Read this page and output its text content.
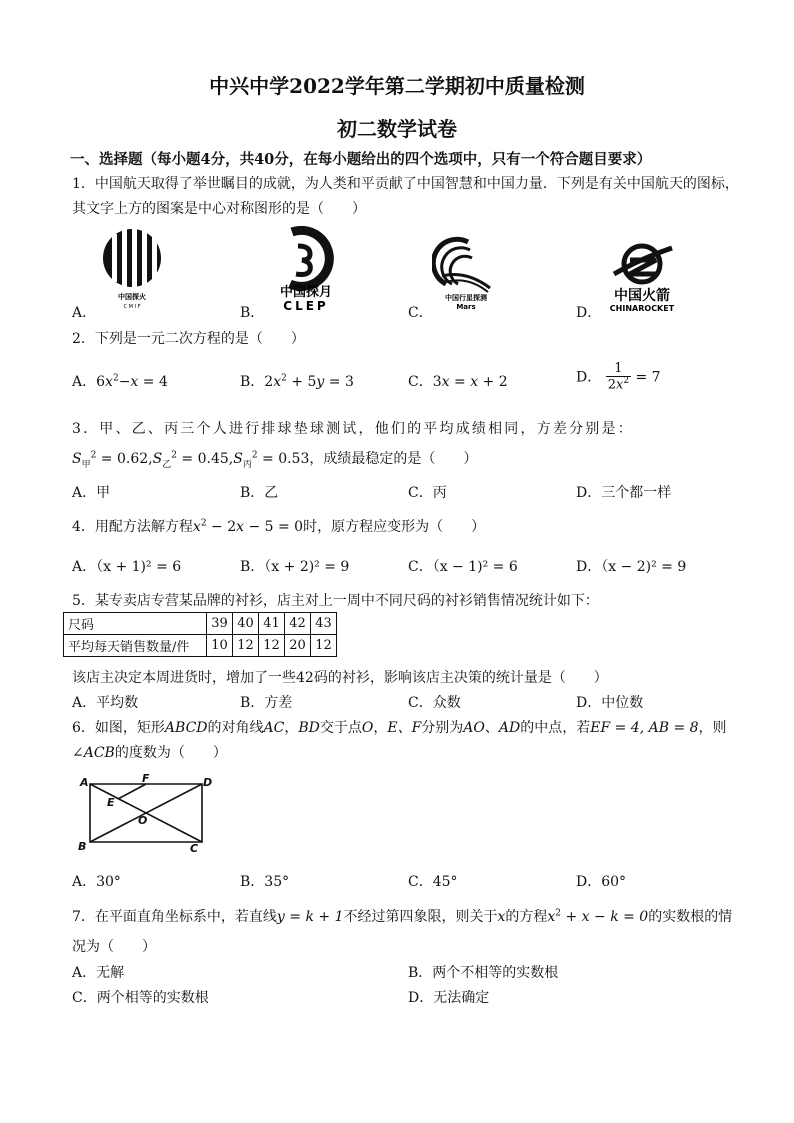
中兴中学2022学年第二学期初中质量检测
初二数学试卷
一、选择题（每小题4分，共40分，在每小题给出的四个选项中，只有一个符合题目要求）
1．中国航天取得了举世瞩目的成就，为人类和平贡献了中国智慧和中国力量．下列是有关中国航天的图标，
其文字上方的图案是中心对称图形的是（　　）
中国探火
C M I F
中国探月
CLEP
中国行星探测
Mars
中国火箭
CHINAROCKET
A．	B．	C．	D．
2．下列是一元二次方程的是（　　）
A．$6x^2-x = 4$	B．$2x^2 + 5y = 3$	C．3x = x + 2	D． $\frac{1}{2x^2} = 7$
3．甲、乙、丙三个人进行排球垫球测试，他们的平均成绩相同，方差分别是：
$S_甲^2 = 0.62,S_乙^2 = 0.45,S_丙^2 = 0.53$，成绩最稳定的是（　　）
A．甲	B．乙	C．丙	D．三个都一样
4．用配方法解方程$x^2 - 2x - 5 = 0$时，原方程应变形为（　　）
A．（x + 1)² = 6	B．（x + 2)² = 9	C．（x − 1)² = 6	D．（x − 2)² = 9
5．某专卖店专营某品牌的衬衫，店主对上一周中不同尺码的衬衫销售情况统计如下：
尺码	39	40	41	42	43
平均每天销售数量/件	10	12	12	20	12
该店主决定本周进货时，增加了一些42码的衬衫，影响该店主决策的统计量是（　　）
A．平均数	B．方差	C．众数	D．中位数
6．如图，矩形ABCD的对角线AC，BD交于点O，E、F分别为AO、AD的中点，若EF = 4, AB = 8，则
∠ACB的度数为（　　）
A	F	D
E
O
B	C
A．30°	B．35°	C．45°	D．60°
7．在平面直角坐标系中，若直线y = k + 1不经过第四象限，则关于x的方程$x^2 + x - k = 0$的实数根的情
况为（　　）
A．无解	B．两个不相等的实数根
C．两个相等的实数根	D．无法确定
